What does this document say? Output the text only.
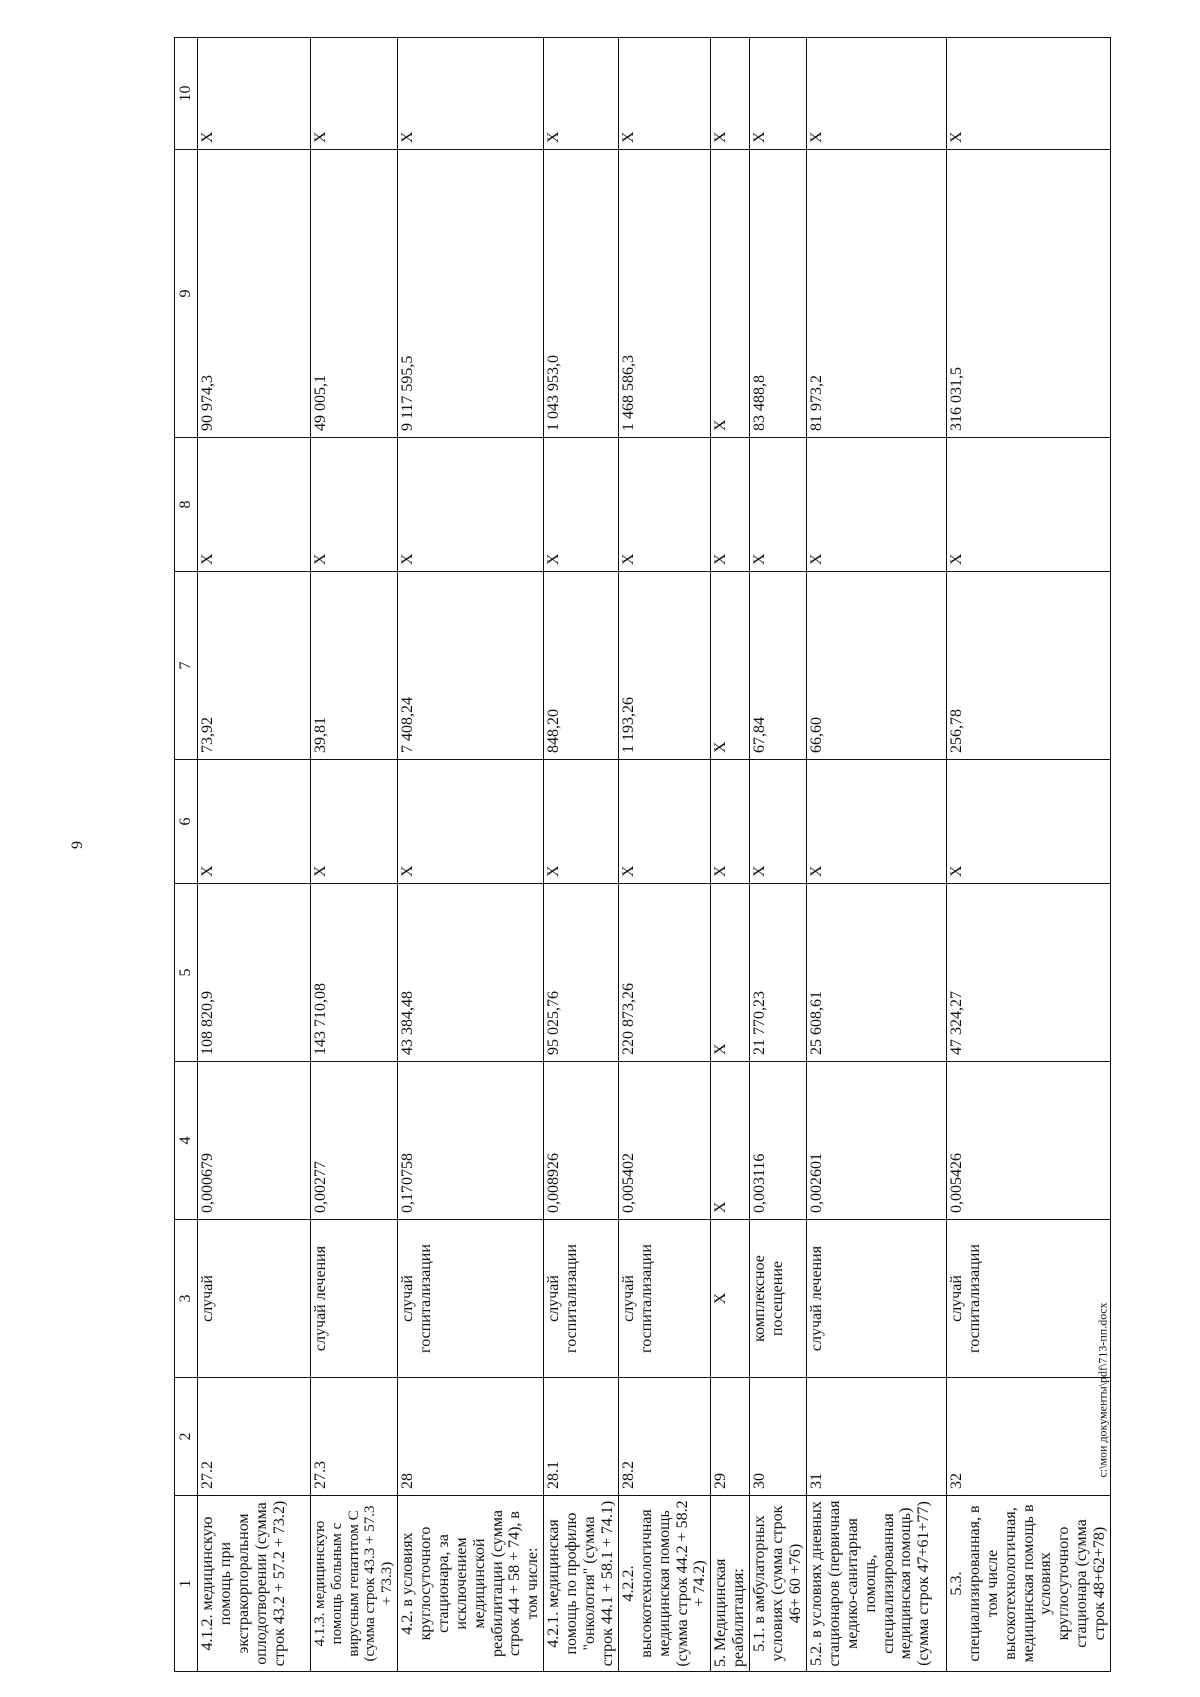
9
1	2	3	4	5	6	7	8	9	10
4.1.2. медицинскую помощь при экстракорпоральном оплодотворении (сумма строк 43.2 + 57.2 + 73.2)	27.2	случай	0,000679	108 820,9	Х	73,92	Х	90 974,3	Х
4.1.3. медицинскую помощь больным с вирусным гепатитом С (сумма строк 43.3 + 57.3 + 73.3)	27.3	случай лечения	0,00277	143 710,08	Х	39,81	Х	49 005,1	Х
4.2. в условиях круглосуточного стационара, за исключением медицинской реабилитации (сумма строк 44 + 58 + 74), в том числе:	28	случай госпитализации	0,170758	43 384,48	Х	7 408,24	Х	9 117 595,5	Х
4.2.1. медицинская помощь по профилю "онкология" (сумма строк 44.1 + 58.1 + 74.1)	28.1	случай госпитализации	0,008926	95 025,76	Х	848,20	Х	1 043 953,0	Х
4.2.2. высокотехнологичная медицинская помощь (сумма строк 44.2 + 58.2 + 74.2)	28.2	случай госпитализации	0,005402	220 873,26	Х	1 193,26	Х	1 468 586,3	Х
5. Медицинская реабилитация:	29	Х	Х	Х	Х	Х	Х	Х	Х
5.1. в амбулаторных условиях (сумма строк 46+ 60 +76)	30	комплексное посещение	0,003116	21 770,23	Х	67,84	Х	83 488,8	Х
5.2. в условиях дневных стационаров (первичная медико-санитарная помощь, специализированная медицинская помощь) (сумма строк 47+61+77)	31	случай лечения	0,002601	25 608,61	Х	66,60	Х	81 973,2	Х
5.3. специализированная, в том числе высокотехнологичная, медицинская помощь в условиях круглосуточного стационара (сумма строк 48+62+78)	32	случай госпитализации	0,005426	47 324,27	Х	256,78	Х	316 031,5	Х
c:\мои документы\pdf\713-пп.docx
